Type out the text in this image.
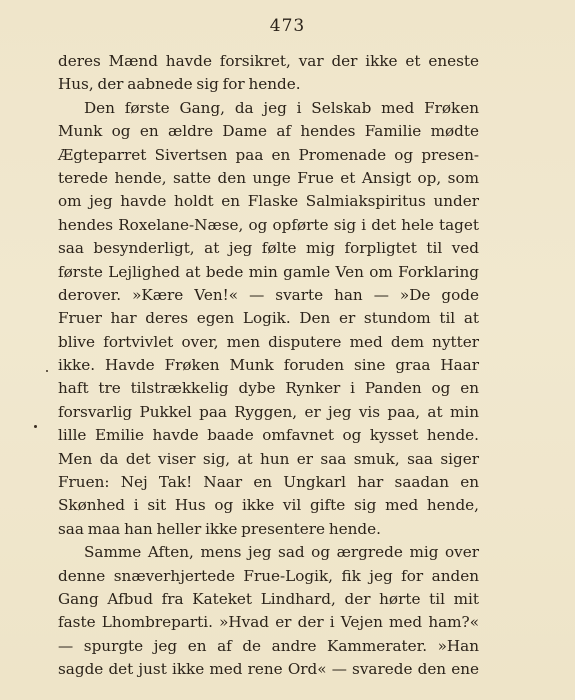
473
deres Mænd havde forsikret, var der ikke et eneste
Hus, der aabnede sig for hende.
Den første Gang, da jeg i Selskab med Frøken
Munk og en ældre Dame af hendes Familie mødte
Ægteparret Sivertsen paa en Promenade og presen-
terede hende, satte den unge Frue et Ansigt op, som
om jeg havde holdt en Flaske Salmiakspiritus under
hendes Roxelane-Næse, og opførte sig i det hele taget
saa besynderligt, at jeg følte mig forpligtet til ved
første Lejlighed at bede min gamle Ven om Forklaring
derover. »Kære Ven!« — svarte han — »De gode
Fruer har deres egen Logik. Den er stundom til at
blive fortvivlet over, men disputere med dem nytter
ikke. Havde Frøken Munk foruden sine graa Haar
haft tre tilstrækkelig dybe Rynker i Panden og en
forsvarlig Pukkel paa Ryggen, er jeg vis paa, at min
lille Emilie havde baade omfavnet og kysset hende.
Men da det viser sig, at hun er saa smuk, saa siger
Fruen: Nej Tak! Naar en Ungkarl har saadan en
Skønhed i sit Hus og ikke vil gifte sig med hende,
saa maa han heller ikke presentere hende.
Samme Aften, mens jeg sad og ærgrede mig over
denne snæverhjertede Frue-Logik, fik jeg for anden
Gang Afbud fra Kateket Lindhard, der hørte til mit
faste Lhombreparti. »Hvad er der i Vejen med ham?«
— spurgte jeg en af de andre Kammerater. »Han
sagde det just ikke med rene Ord« — svarede den ene
